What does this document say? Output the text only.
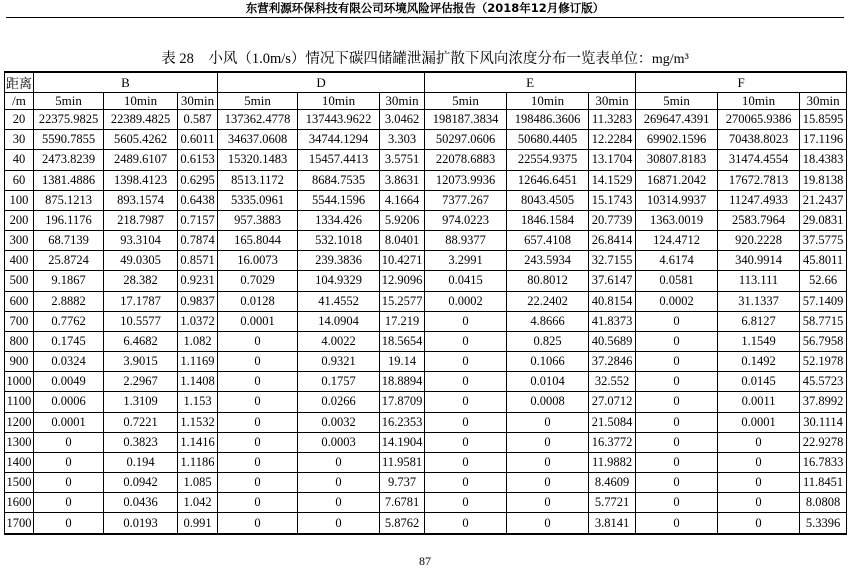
东营利源环保科技有限公司环境风险评估报告（2018年12月修订版）
表 28　小风（1.0m/s）情况下碳四储罐泄漏扩散下风向浓度分布一览表单位：mg/m³
距离	B			D			E			F		
/m	5min	10min	30min	5min	10min	30min	5min	10min	30min	5min	10min	30min
20	22375.9825	22389.4825	0.587	137362.4778	137443.9622	3.0462	198187.3834	198486.3606	11.3283	269647.4391	270065.9386	15.8595
30	5590.7855	5605.4262	0.6011	34637.0608	34744.1294	3.303	50297.0606	50680.4405	12.2284	69902.1596	70438.8023	17.1196
40	2473.8239	2489.6107	0.6153	15320.1483	15457.4413	3.5751	22078.6883	22554.9375	13.1704	30807.8183	31474.4554	18.4383
60	1381.4886	1398.4123	0.6295	8513.1172	8684.7535	3.8631	12073.9936	12646.6451	14.1529	16871.2042	17672.7813	19.8138
100	875.1213	893.1574	0.6438	5335.0961	5544.1596	4.1664	7377.267	8043.4505	15.1743	10314.9937	11247.4933	21.2437
200	196.1176	218.7987	0.7157	957.3883	1334.426	5.9206	974.0223	1846.1584	20.7739	1363.0019	2583.7964	29.0831
300	68.7139	93.3104	0.7874	165.8044	532.1018	8.0401	88.9377	657.4108	26.8414	124.4712	920.2228	37.5775
400	25.8724	49.0305	0.8571	16.0073	239.3836	10.4271	3.2991	243.5934	32.7155	4.6174	340.9914	45.8011
500	9.1867	28.382	0.9231	0.7029	104.9329	12.9096	0.0415	80.8012	37.6147	0.0581	113.111	52.66
600	2.8882	17.1787	0.9837	0.0128	41.4552	15.2577	0.0002	22.2402	40.8154	0.0002	31.1337	57.1409
700	0.7762	10.5577	1.0372	0.0001	14.0904	17.219	0	4.8666	41.8373	0	6.8127	58.7715
800	0.1745	6.4682	1.082	0	4.0022	18.5654	0	0.825	40.5689	0	1.1549	56.7958
900	0.0324	3.9015	1.1169	0	0.9321	19.14	0	0.1066	37.2846	0	0.1492	52.1978
1000	0.0049	2.2967	1.1408	0	0.1757	18.8894	0	0.0104	32.552	0	0.0145	45.5723
1100	0.0006	1.3109	1.153	0	0.0266	17.8709	0	0.0008	27.0712	0	0.0011	37.8992
1200	0.0001	0.7221	1.1532	0	0.0032	16.2353	0	0	21.5084	0	0.0001	30.1114
1300	0	0.3823	1.1416	0	0.0003	14.1904	0	0	16.3772	0	0	22.9278
1400	0	0.194	1.1186	0	0	11.9581	0	0	11.9882	0	0	16.7833
1500	0	0.0942	1.085	0	0	9.737	0	0	8.4609	0	0	11.8451
1600	0	0.0436	1.042	0	0	7.6781	0	0	5.7721	0	0	8.0808
1700	0	0.0193	0.991	0	0	5.8762	0	0	3.8141	0	0	5.3396
87
